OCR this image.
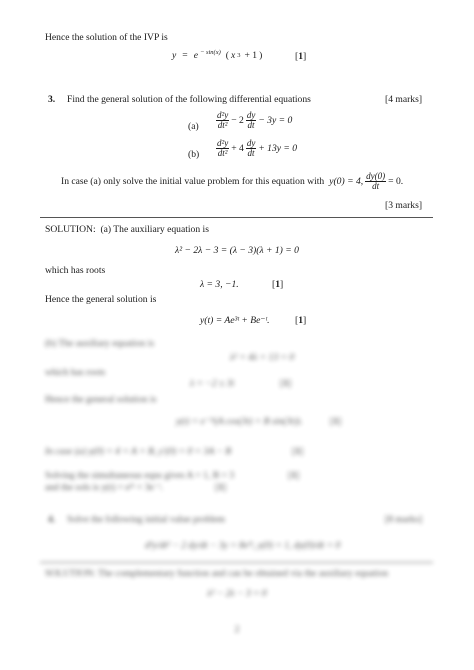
Hence the solution of the IVP is
y = e $^{- sin(x)}$ ( x 3 + 1 )	[1]
3. Find the general solution of the following differential equations	[4 marks]
$(a) \frac{\text{d²y}}{\text{dt²}} - 2 \frac{dy}{dt} - 3y = 0$
$(b) \frac{\text{d²y}}{\text{dt²}} + 4 \frac{dy}{dt} + 13y = 0$
In case (a) only solve the initial value problem for this equation with y(0) = 4, $\frac{dy(0)}{dt} = 0$.
[3 marks]
SOLUTION: (a) The auxiliary equation is
λ² − 2λ − 3 = (λ − 3)(λ + 1) = 0
which has roots
λ = 3, −1.	[1]
Hence the general solution is
y(t) = Ae³ᵗ + Be⁻ᵗ.	[1]
(b) The auxiliary equation is
λ² + 4λ + 13 = 0
which has roots
λ = −2 ± 3i	[1]
Hence the general solution is
y(t) = e⁻²ᵗ(A cos(3t) + B sin(3t)).	[1]
In case (a) y(0) = 4 = A + B, y′(0) = 0 = 3A − B	[1]
Solving the simultaneous eqns gives A = 1, B = 3	[1]
and the sols is y(t) = e³ᵗ + 3e⁻ᵗ.	[1]
4. Solve the following initial value problem	[8 marks]
d²y/dt² − 2 dy/dt − 3y = 8e³ᵗ, y(0) = 1, dy(0)/dt = 0
SOLUTION: The complementary function and can be obtained via the auxiliary equation
λ² − 2λ − 3 = 0
2
